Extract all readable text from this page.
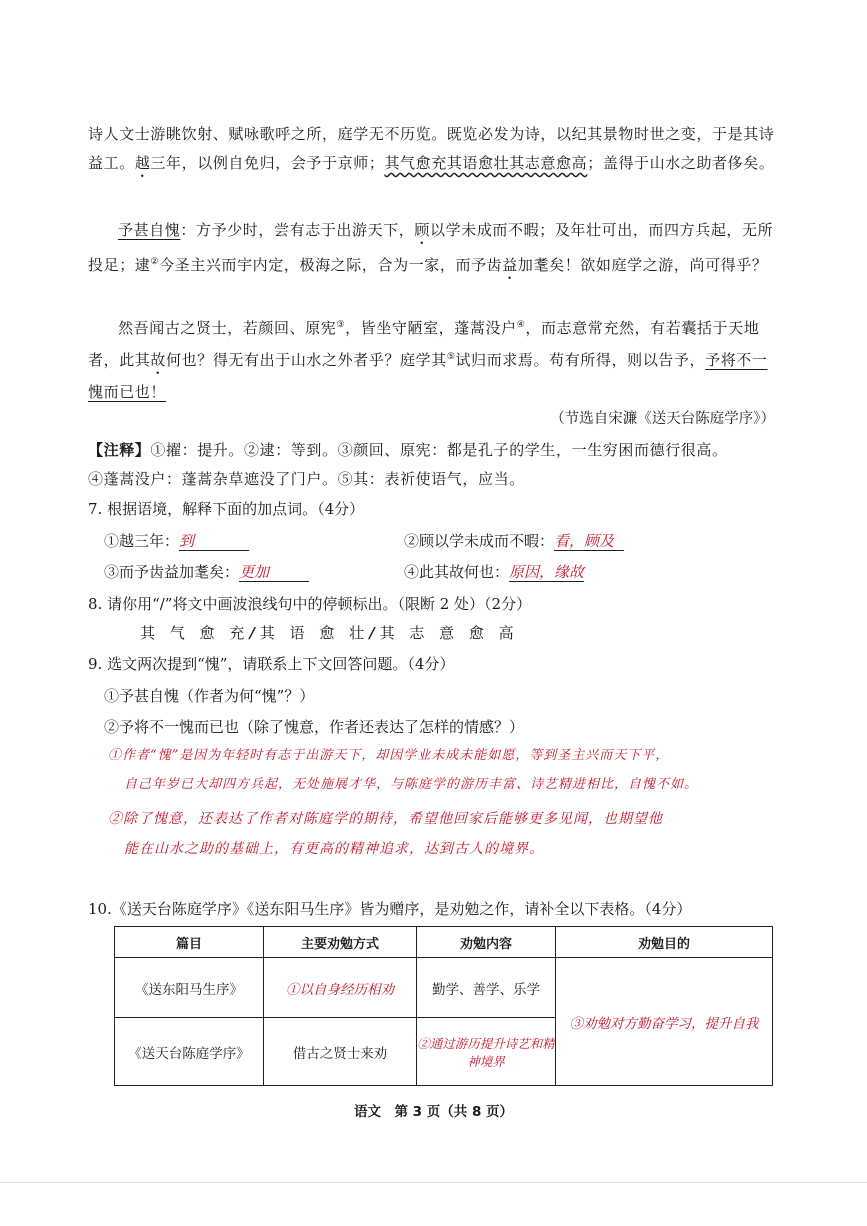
诗人文士游眺饮射、赋咏歌呼之所，庭学无不历览。既览必发为诗，以纪其景物时世之变，于是其诗益工。越三年，以例自免归，会予于京师；其气愈充其语愈壮其志意愈高；盖得于山水之助者侈矣。
予甚自愧：方予少时，尝有志于出游天下，顾以学未成而不暇；及年壮可出，而四方兵起，无所投足；逮②今圣主兴而宇内定，极海之际，合为一家，而予齿益加耄矣！欲如庭学之游，尚可得乎？
然吾闻古之贤士，若颜回、原宪③，皆坐守陋室，蓬蒿没户④，而志意常充然，有若囊括于天地者，此其故何也？得无有出于山水之外者乎？庭学其⑤试归而求焉。苟有所得，则以告予，予将不一愧而已也！
（节选自宋濂《送天台陈庭学序》）
【注释】①擢：提升。②逮：等到。③颜回、原宪：都是孔子的学生，一生穷困而德行很高。
④蓬蒿没户：蓬蒿杂草遮没了门户。⑤其：表祈使语气，应当。
7. 根据语境，解释下面的加点词。（4分）
①越三年：到	②顾以学未成而不暇：看，顾及
③而予齿益加耄矣：更加	④此其故何也：原因，缘故
8. 请你用“/”将文中画波浪线句中的停顿标出。（限断 2 处）（2分）
其 气 愈 充/其 语 愈 壮/其 志 意 愈 高
9. 选文两次提到“愧”，请联系上下文回答问题。（4分）
①予甚自愧（作者为何“愧”？）
②予将不一愧而已也（除了愧意，作者还表达了怎样的情感？）
①作者“愧”是因为年轻时有志于出游天下，却因学业未成未能如愿，等到圣主兴而天下平，
自己年岁已大却四方兵起，无处施展才华，与陈庭学的游历丰富、诗艺精进相比，自愧不如。
②除了愧意，还表达了作者对陈庭学的期待，希望他回家后能够更多见闻，也期望他
能在山水之助的基础上，有更高的精神追求，达到古人的境界。
10.《送天台陈庭学序》《送东阳马生序》皆为赠序，是劝勉之作，请补全以下表格。（4分）
篇目	主要劝勉方式	劝勉内容	劝勉目的
《送东阳马生序》	①以自身经历相劝	勤学、善学、乐学	③劝勉对方勤奋学习，提升自我
《送天台陈庭学序》	借古之贤士来劝	②通过游历提升诗艺和精神境界	
语文　第 3 页（共 8 页）
